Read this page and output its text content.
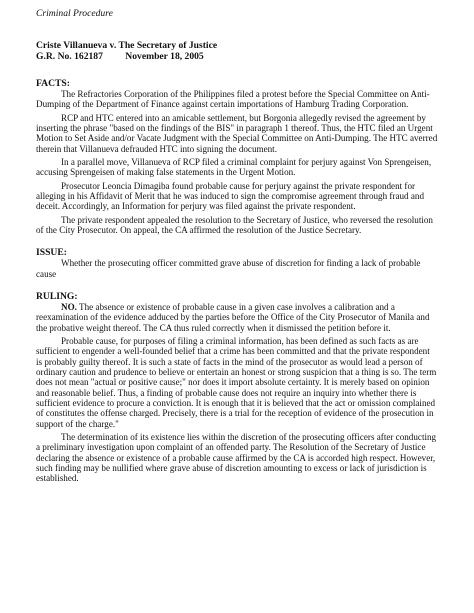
Criminal Procedure
Criste Villanueva v. The Secretary of Justice
G.R. No. 162187 November 18, 2005
FACTS:

The Refractories Corporation of the Philippines filed a protest before the Special Committee on Anti-Dumping of the Department of Finance against certain importations of Hamburg Trading Corporation.

RCP and HTC entered into an amicable settlement, but Borgonia allegedly revised the agreement by inserting the phrase "based on the findings of the BIS" in paragraph 1 thereof. Thus, the HTC filed an Urgent Motion to Set Aside and/or Vacate Judgment with the Special Committee on Anti-Dumping. The HTC averred therein that Villanueva defrauded HTC into signing the document.

In a parallel move, Villanueva of RCP filed a criminal complaint for perjury against Von Sprengeisen, accusing Sprengeisen of making false statements in the Urgent Motion.

Prosecutor Leoncia Dimagiba found probable cause for perjury against the private respondent for alleging in his Affidavit of Merit that he was induced to sign the compromise agreement through fraud and deceit. Accordingly, an Information for perjury was filed against the private respondent.

The private respondent appealed the resolution to the Secretary of Justice, who reversed the resolution of the City Prosecutor. On appeal, the CA affirmed the resolution of the Justice Secretary.

ISSUE:

Whether the prosecuting officer committed grave abuse of discretion for finding a lack of probable cause

RULING:

NO. The absence or existence of probable cause in a given case involves a calibration and a reexamination of the evidence adduced by the parties before the Office of the City Prosecutor of Manila and the probative weight thereof. The CA thus ruled correctly when it dismissed the petition before it.

Probable cause, for purposes of filing a criminal information, has been defined as such facts as are sufficient to engender a well-founded belief that a crime has been committed and that the private respondent is probably guilty thereof. It is such a state of facts in the mind of the prosecutor as would lead a person of ordinary caution and prudence to believe or entertain an honest or strong suspicion that a thing is so. The term does not mean "actual or positive cause;" nor does it import absolute certainty. It is merely based on opinion and reasonable belief. Thus, a finding of probable cause does not require an inquiry into whether there is sufficient evidence to procure a conviction. It is enough that it is believed that the act or omission complained of constitutes the offense charged. Precisely, there is a trial for the reception of evidence of the prosecution in support of the charge."

The determination of its existence lies within the discretion of the prosecuting officers after conducting a preliminary investigation upon complaint of an offended party. The Resolution of the Secretary of Justice declaring the absence or existence of a probable cause affirmed by the CA is accorded high respect. However, such finding may be nullified where grave abuse of discretion amounting to excess or lack of jurisdiction is established.
